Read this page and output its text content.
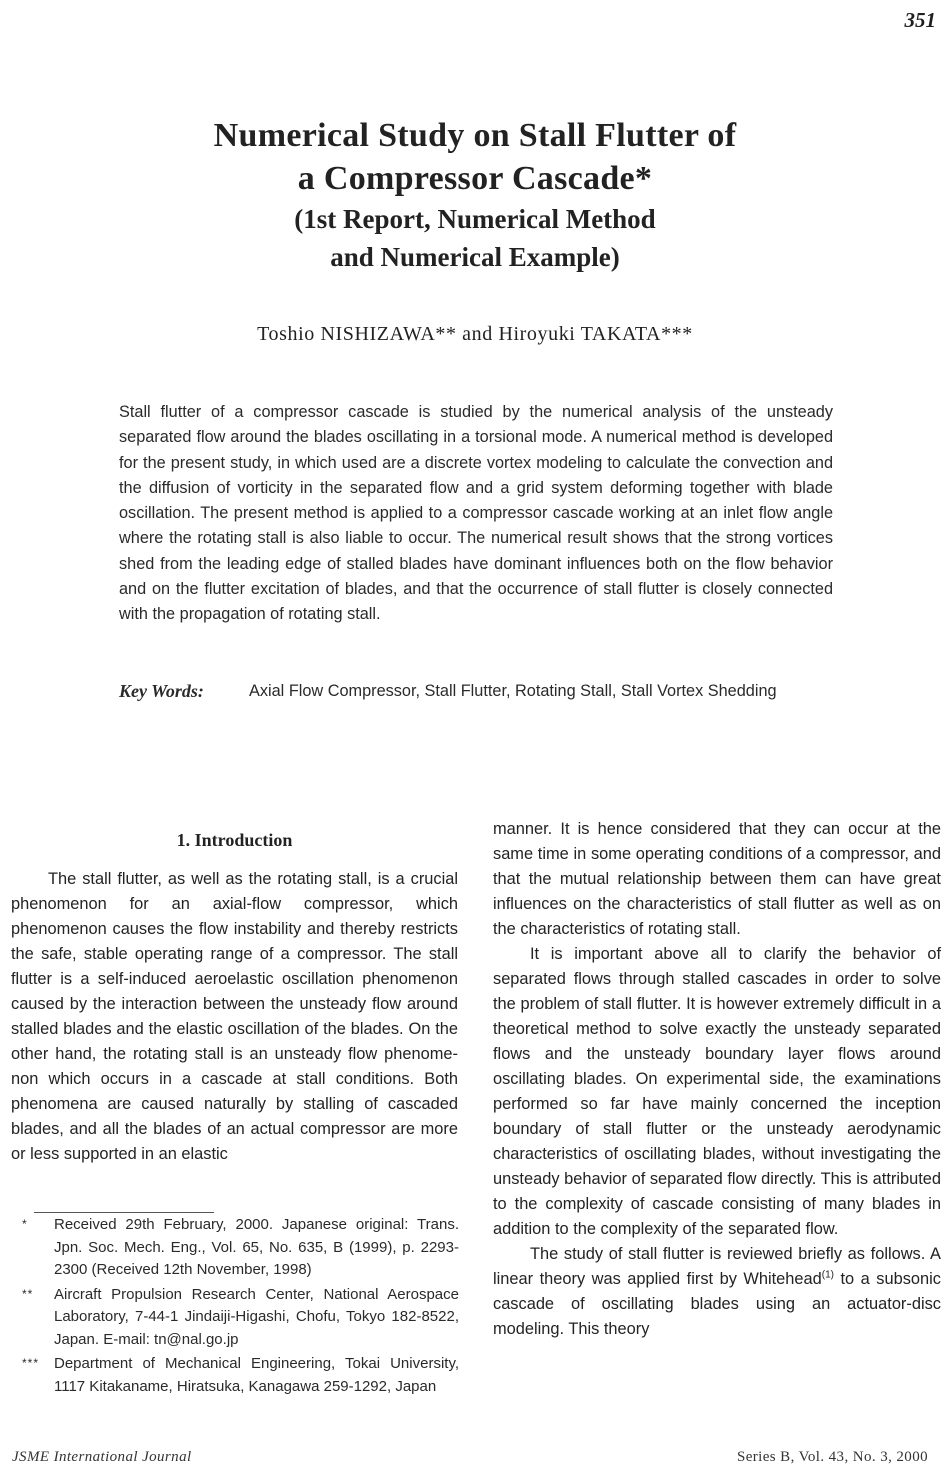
351
Numerical Study on Stall Flutter of
a Compressor Cascade*
(1st Report, Numerical Method
and Numerical Example)
Toshio NISHIZAWA** and Hiroyuki TAKATA***
Stall flutter of a compressor cascade is studied by the numerical analysis of the unsteady separated flow around the blades oscillating in a torsional mode. A numerical method is developed for the present study, in which used are a discrete vortex modeling to calculate the convection and the diffusion of vorticity in the separated flow and a grid system deforming together with blade oscillation. The present method is applied to a compressor cascade working at an inlet flow angle where the rotating stall is also liable to occur. The numerical result shows that the strong vortices shed from the leading edge of stalled blades have dominant influences both on the flow behavior and on the flutter excitation of blades, and that the occurrence of stall flutter is closely connected with the propagation of rotating stall.
Key Words:	Axial Flow Compressor, Stall Flutter, Rotating Stall, Stall Vortex Shedding
1. Introduction

The stall flutter, as well as the rotating stall, is a crucial phenomenon for an axial-flow compressor, which phenomenon causes the flow instability and thereby restricts the safe, stable operating range of a compressor. The stall flutter is a self-induced aeroelastic oscillation phenomenon caused by the interaction between the unsteady flow around stalled blades and the elastic oscillation of the blades. On the other hand, the rotating stall is an unsteady flow phenomenon which occurs in a cascade at stall conditions. Both phenomena are caused naturally by stalling of cascaded blades, and all the blades of an actual compressor are more or less supported in an elastic

* Received 29th February, 2000. Japanese original: Trans. Jpn. Soc. Mech. Eng., Vol. 65, No. 635, B (1999), p. 2293-2300 (Received 12th November, 1998)
** Aircraft Propulsion Research Center, National Aerospace Laboratory, 7-44-1 Jindaiji-Higashi, Chofu, Tokyo 182-8522, Japan. E-mail: tn@nal.go.jp
*** Department of Mechanical Engineering, Tokai University, 1117 Kitakaname, Hiratsuka, Kanagawa 259-1292, Japan

manner. It is hence considered that they can occur at the same time in some operating conditions of a compressor, and that the mutual relationship between them can have great influences on the characteristics of stall flutter as well as on the characteristics of rotating stall.

It is important above all to clarify the behavior of separated flows through stalled cascades in order to solve the problem of stall flutter. It is however extremely difficult in a theoretical method to solve exactly the unsteady separated flows and the unsteady boundary layer flows around oscillating blades. On experimental side, the examinations performed so far have mainly concerned the inception boundary of stall flutter or the unsteady aerodynamic characteristics of oscillating blades, without investigating the unsteady behavior of separated flow directly. This is attributed to the complexity of cascade consisting of many blades in addition to the complexity of the separated flow.

The study of stall flutter is reviewed briefly as follows. A linear theory was applied first by Whitehead$^{(1)}$ to a subsonic cascade of oscillating blades using an actuator-disc modeling. This theory

JSME International Journal	Series B, Vol. 43, No. 3, 2000
